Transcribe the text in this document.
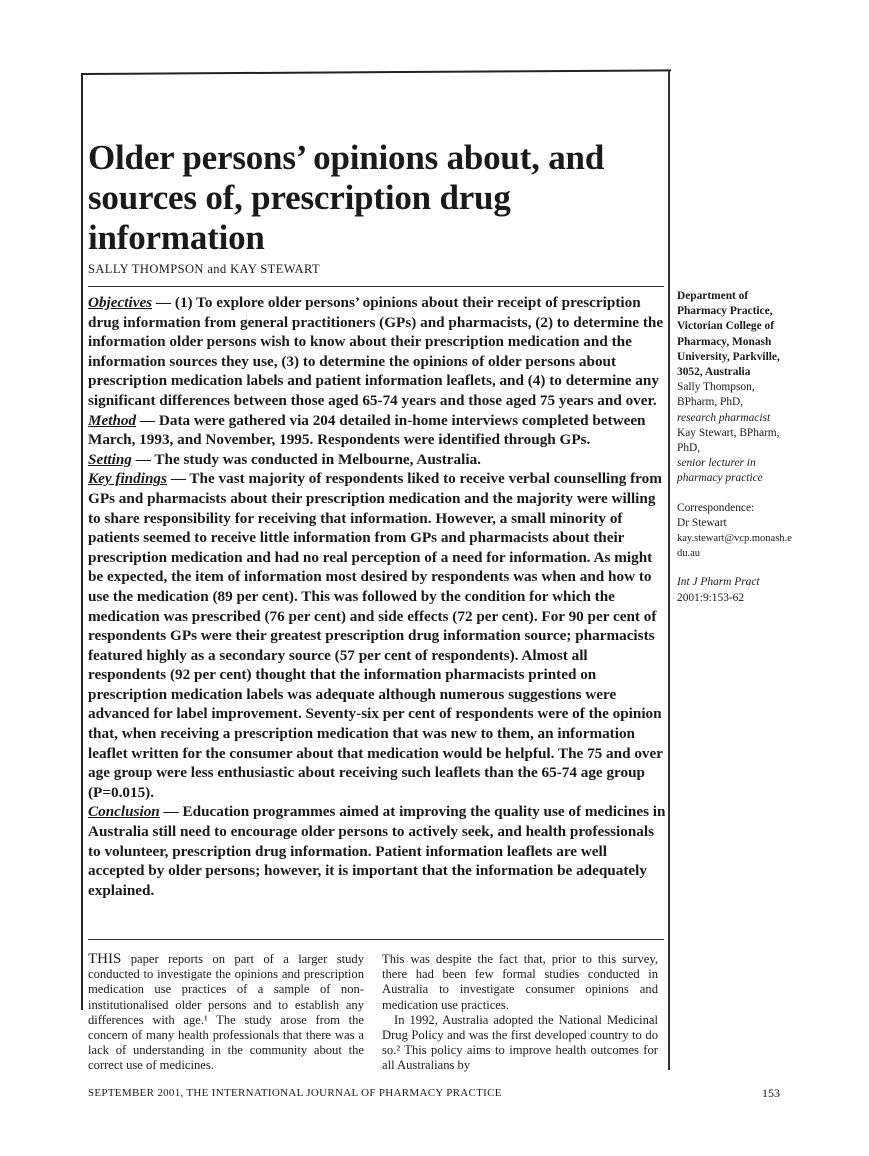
Older persons’ opinions about, and sources of, prescription drug information
SALLY THOMPSON and KAY STEWART
Objectives — (1) To explore older persons’ opinions about their receipt of prescription drug information from general practitioners (GPs) and pharmacists, (2) to determine the information older persons wish to know about their prescription medication and the information sources they use, (3) to determine the opinions of older persons about prescription medication labels and patient information leaflets, and (4) to determine any significant differences between those aged 65-74 years and those aged 75 years and over.
Method — Data were gathered via 204 detailed in-home interviews completed between March, 1993, and November, 1995. Respondents were identified through GPs.
Setting — The study was conducted in Melbourne, Australia.
Key findings — The vast majority of respondents liked to receive verbal counselling from GPs and pharmacists about their prescription medication and the majority were willing to share responsibility for receiving that information. However, a small minority of patients seemed to receive little information from GPs and pharmacists about their prescription medication and had no real perception of a need for information. As might be expected, the item of information most desired by respondents was when and how to use the medication (89 per cent). This was followed by the condition for which the medication was prescribed (76 per cent) and side effects (72 per cent). For 90 per cent of respondents GPs were their greatest prescription drug information source; pharmacists featured highly as a secondary source (57 per cent of respondents). Almost all respondents (92 per cent) thought that the information pharmacists printed on prescription medication labels was adequate although numerous suggestions were advanced for label improvement. Seventy-six per cent of respondents were of the opinion that, when receiving a prescription medication that was new to them, an information leaflet written for the consumer about that medication would be helpful. The 75 and over age group were less enthusiastic about receiving such leaflets than the 65-74 age group (P=0.015).
Conclusion — Education programmes aimed at improving the quality use of medicines in Australia still need to encourage older persons to actively seek, and health professionals to volunteer, prescription drug information. Patient information leaflets are well accepted by older persons; however, it is important that the information be adequately explained.
THIS paper reports on part of a larger study conducted to investigate the opinions and prescription medication use practices of a sample of non-institutionalised older persons and to establish any differences with age.¹ The study arose from the concern of many health professionals that there was a lack of understanding in the community about the correct use of medicines.
This was despite the fact that, prior to this survey, there had been few formal studies conducted in Australia to investigate consumer opinions and medication use practices.
In 1992, Australia adopted the National Medicinal Drug Policy and was the first developed country to do so.² This policy aims to improve health outcomes for all Australians by
Department of Pharmacy Practice, Victorian College of Pharmacy, Monash University, Parkville, 3052, Australia
Sally Thompson, BPharm, PhD,
research pharmacist
Kay Stewart, BPharm, PhD,
senior lecturer in pharmacy practice
Correspondence:
Dr Stewart
kay.stewart@vcp.monash.edu.au
Int J Pharm Pract
2001:9:153-62
SEPTEMBER 2001, THE INTERNATIONAL JOURNAL OF PHARMACY PRACTICE	153
